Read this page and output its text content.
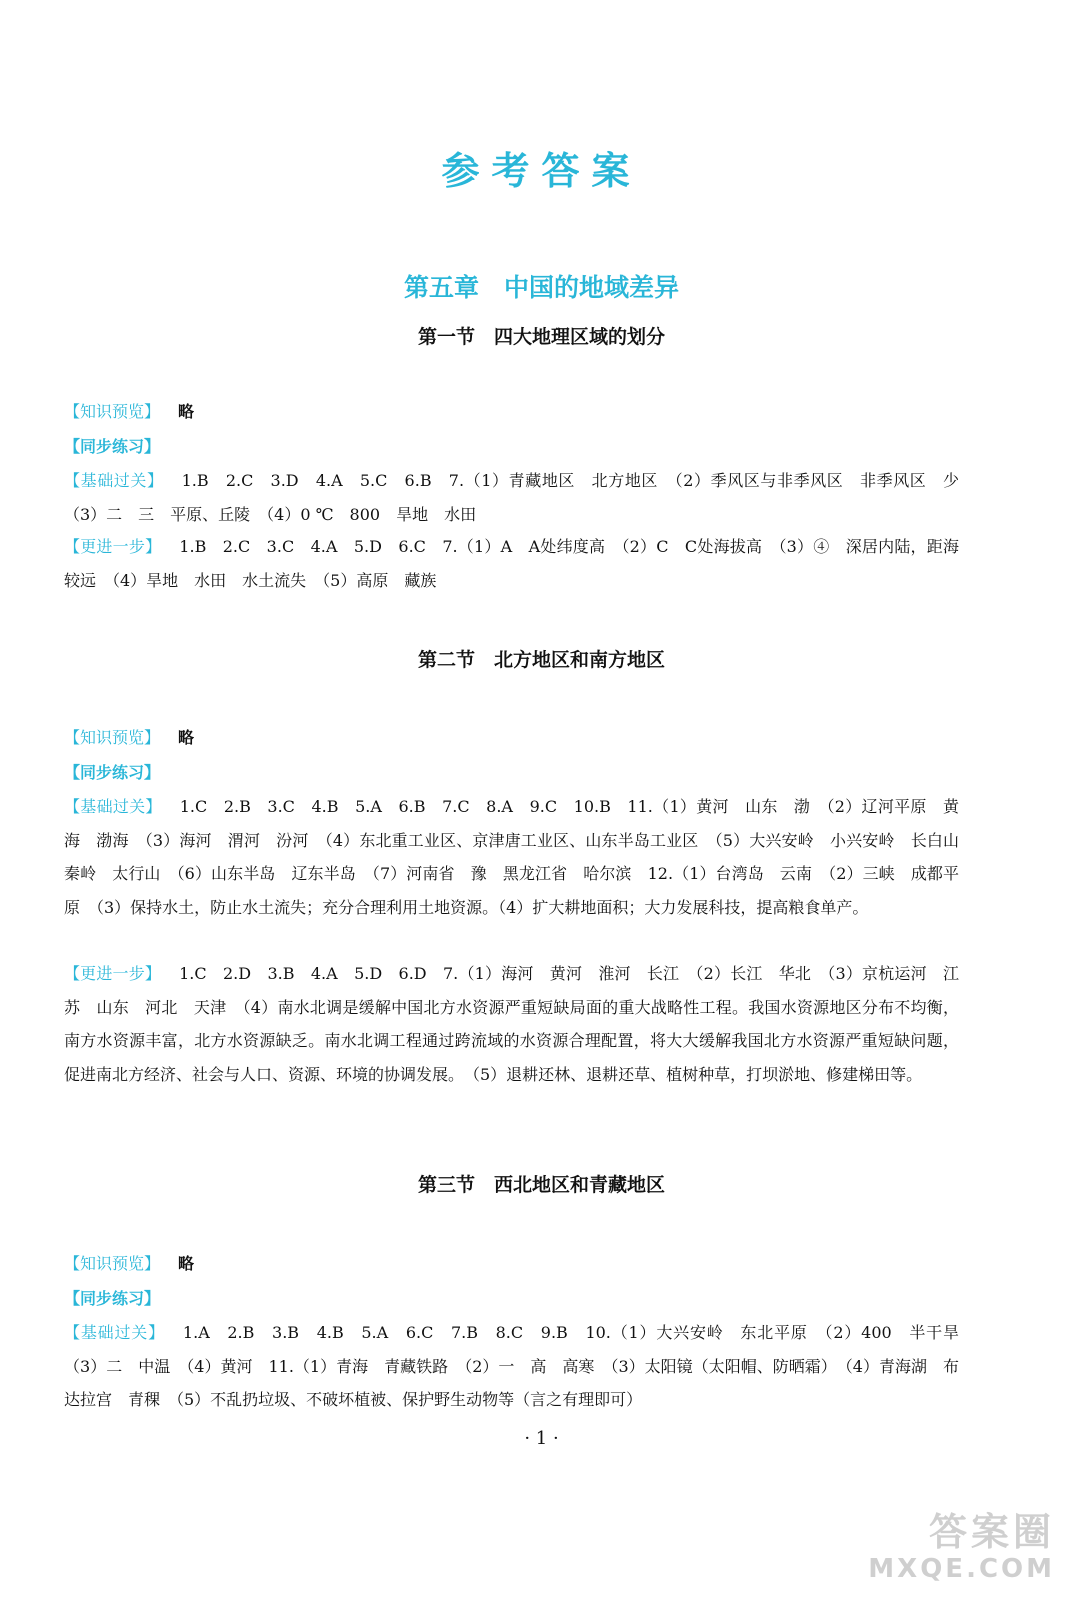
参考答案
第五章　中国的地域差异
第一节　四大地理区域的划分
【知识预览】 略
【同步练习】
【基础过关】 1.B　2.C　3.D　4.A　5.C　6.B　7.（1）青藏地区　北方地区　（2）季风区与非季风区　非季风区　少　（3）二　三　平原、丘陵　（4）0 ℃　800　旱地　水田
【更进一步】 1.B　2.C　3.C　4.A　5.D　6.C　7.（1）A　A处纬度高　（2）C　C处海拔高　（3）④　深居内陆，距海较远　（4）旱地　水田　水土流失　（5）高原　藏族
第二节　北方地区和南方地区
【知识预览】 略
【同步练习】
【基础过关】 1.C　2.B　3.C　4.B　5.A　6.B　7.C　8.A　9.C　10.B　11.（1）黄河　山东　渤　（2）辽河平原　黄海　渤海　（3）海河　渭河　汾河　（4）东北重工业区、京津唐工业区、山东半岛工业区　（5）大兴安岭　小兴安岭　长白山　秦岭　太行山　（6）山东半岛　辽东半岛　（7）河南省　豫　黑龙江省　哈尔滨　12.（1）台湾岛　云南　（2）三峡　成都平原　（3）保持水土，防止水土流失；充分合理利用土地资源。（4）扩大耕地面积；大力发展科技，提高粮食单产。
【更进一步】 1.C　2.D　3.B　4.A　5.D　6.D　7.（1）海河　黄河　淮河　长江　（2）长江　华北　（3）京杭运河　江苏　山东　河北　天津　（4）南水北调是缓解中国北方水资源严重短缺局面的重大战略性工程。我国水资源地区分布不均衡，南方水资源丰富，北方水资源缺乏。南水北调工程通过跨流域的水资源合理配置，将大大缓解我国北方水资源严重短缺问题，促进南北方经济、社会与人口、资源、环境的协调发展。　（5）退耕还林、退耕还草、植树种草，打坝淤地、修建梯田等。
第三节　西北地区和青藏地区
【知识预览】 略
【同步练习】
【基础过关】 1.A　2.B　3.B　4.B　5.A　6.C　7.B　8.C　9.B　10.（1）大兴安岭　东北平原　（2）400　半干旱　（3）二　中温　（4）黄河　11.（1）青海　青藏铁路　（2）一　高　高寒　（3）太阳镜（太阳帽、防晒霜）　（4）青海湖　布达拉宫　青稞　（5）不乱扔垃圾、不破坏植被、保护野生动物等（言之有理即可）
· 1 ·
答案圈
MXQE.COM
